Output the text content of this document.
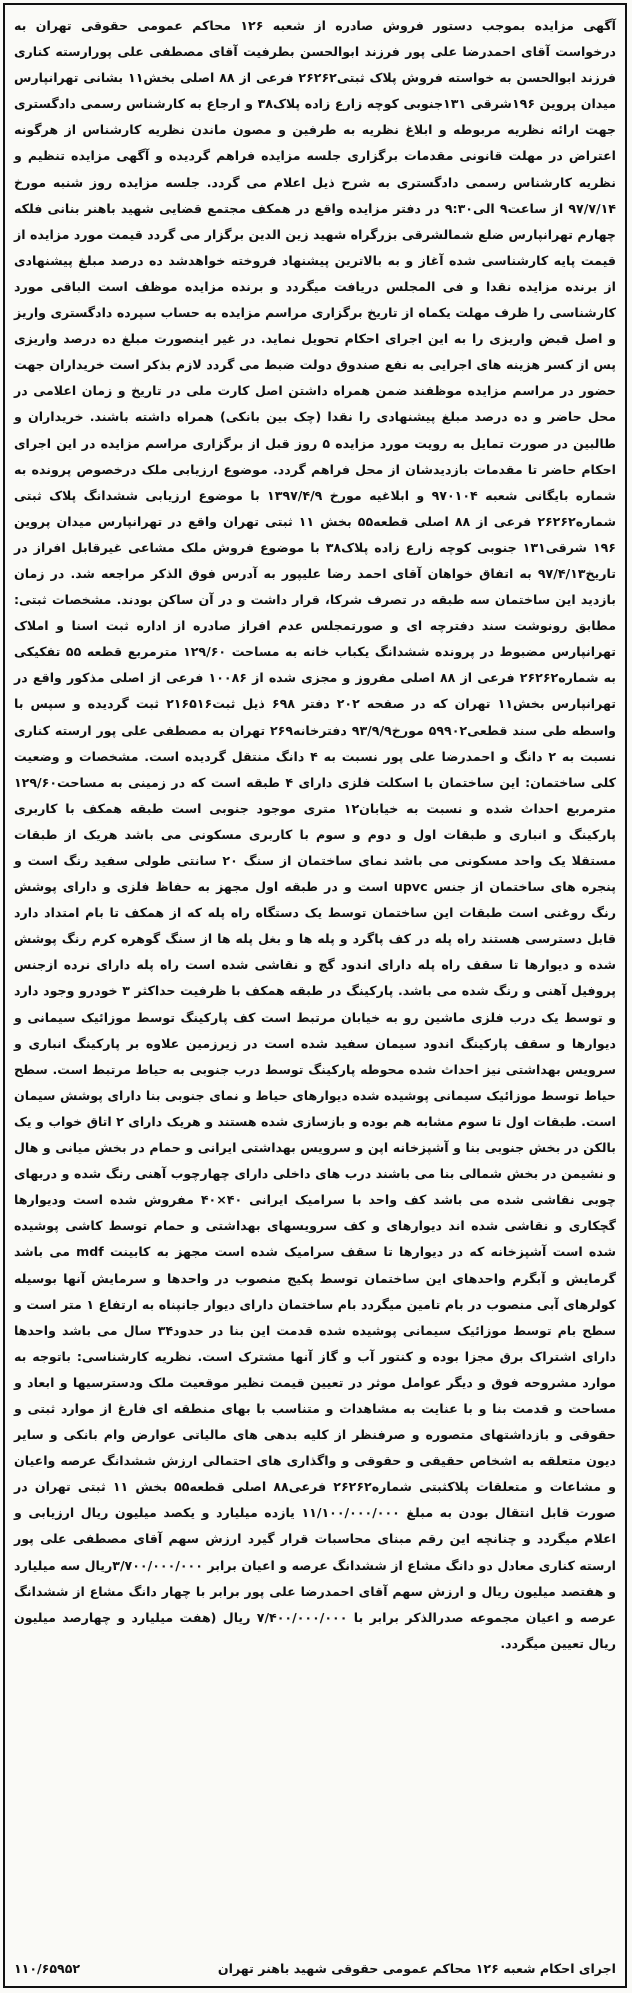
آگهی مزایده بموجب دستور فروش صادره از شعبه ۱۲۶ محاکم عمومی حقوقی تهران به درخواست آقای احمدرضا علی پور فرزند ابوالحسن بطرفیت آقای مصطفی علی پورارسته کناری فرزند ابوالحسن به خواسته فروش پلاک ثبتی۲۶۲۶۲ فرعی از ۸۸ اصلی بخش۱۱ بشانی تهرانپارس میدان پروین ۱۹۶شرقی ۱۳۱جنوبی کوچه زارع زاده پلاک۳۸ و ارجاع به کارشناس رسمی دادگستری جهت ارائه نظریه مربوطه و ابلاغ نظریه به طرفین و مصون ماندن نظریه کارشناس از هرگونه اعتراض در مهلت قانونی مقدمات برگزاری جلسه مزایده فراهم گردیده و آگهی مزایده تنظیم و نظریه کارشناس رسمی دادگستری به شرح ذیل اعلام می گردد. جلسه مزایده روز شنبه مورخ ۹۷/۷/۱۴ از ساعت۹ الی۹:۳۰ در دفتر مزایده واقع در همکف مجتمع قضایی شهید باهنر بنانی فلکه چهارم تهرانپارس ضلع شمالشرقی بزرگراه شهید زین الدین برگزار می گردد قیمت مورد مزایده از قیمت پایه کارشناسی شده آغاز و به بالاترین پیشنهاد فروخته خواهدشد ده درصد مبلغ پیشنهادی از برنده مزایده نقدا و فی المجلس دریافت میگردد و برنده مزایده موظف است الباقی مورد کارشناسی را ظرف مهلت یکماه از تاریخ برگزاری مراسم مزایده به حساب سپرده دادگستری واریز و اصل قبض واریزی را به این اجرای احکام تحویل نماید. در غیر اینصورت مبلغ ده درصد واریزی پس از کسر هزینه های اجرایی به نفع صندوق دولت ضبط می گردد لازم بذکر است خریداران جهت حضور در مراسم مزایده موظفند ضمن همراه داشتن اصل کارت ملی در تاریخ و زمان اعلامی در محل حاضر و ده درصد مبلغ پیشنهادی را نقدا (چک بین بانکی) همراه داشته باشند. خریداران و طالبین در صورت تمایل به رویت مورد مزایده ۵ روز قبل از برگزاری مراسم مزایده در این اجرای احکام حاضر تا مقدمات بازدیدشان از محل فراهم گردد. موضوع ارزیابی ملک درخصوص پرونده به شماره بایگانی شعبه ۹۷۰۱۰۴ و ابلاغیه مورخ ۱۳۹۷/۴/۹ با موضوع ارزیابی ششدانگ پلاک ثبتی شماره۲۶۲۶۲ فرعی از ۸۸ اصلی قطعه۵۵ بخش ۱۱ ثبتی تهران واقع در تهرانپارس میدان پروین ۱۹۶ شرقی۱۳۱ جنوبی کوچه زارع زاده پلاک۳۸ با موضوع فروش ملک مشاعی غیرقابل افراز در تاریخ۹۷/۴/۱۳ به اتفاق خواهان آقای احمد رضا علیپور به آدرس فوق الذکر مراجعه شد. در زمان بازدید این ساختمان سه طبقه در تصرف شرکا، قرار داشت و در آن ساکن بودند. مشخصات ثبتی: مطابق رونوشت سند دفترچه ای و صورتمجلس عدم افراز صادره از اداره ثبت اسنا و املاک تهرانپارس مضبوط در پرونده ششدانگ یکباب خانه به مساحت ۱۲۹/۶۰ مترمربع قطعه ۵۵ تفکیکی به شماره۲۶۲۶۲ فرعی از ۸۸ اصلی مفروز و مجزی شده از ۱۰۰۸۶ فرعی از اصلی مذکور واقع در تهرانپارس بخش۱۱ تهران که در صفحه ۲۰۲ دفتر ۶۹۸ ذیل ثبت۲۱۶۵۱۶ ثبت گردیده و سپس با واسطه طی سند قطعی۵۹۹۰۲ مورخ۹۳/۹/۹ دفترخانه۲۶۹ تهران به مصطفی علی پور ارسته کناری نسبت به ۲ دانگ و احمدرضا علی پور نسبت به ۴ دانگ منتقل گردیده است. مشخصات و وضعیت کلی ساختمان: این ساختمان با اسکلت فلزی دارای ۴ طبقه است که در زمینی به مساحت۱۲۹/۶۰ مترمربع احداث شده و نسبت به خیابان۱۲ متری موجود جنوبی است طبقه همکف با کاربری پارکینگ و انباری و طبقات اول و دوم و سوم با کاربری مسکونی می باشد هریک از طبقات مستقلا یک واحد مسکونی می باشد نمای ساختمان از سنگ ۲۰ سانتی طولی سفید رنگ است و پنجره های ساختمان از جنس upvc است و در طبقه اول مجهز به حفاظ فلزی و دارای پوشش رنگ روغنی است طبقات این ساختمان توسط یک دستگاه راه پله که از همکف تا بام امتداد دارد قابل دسترسی هستند راه پله در کف پاگرد و پله ها و بغل پله ها از سنگ گوهره کرم رنگ پوشش شده و دیوارها تا سقف راه پله دارای اندود گچ و نقاشی شده است راه پله دارای نرده ازجنس پروفیل آهنی و رنگ شده می باشد. پارکینگ در طبقه همکف با ظرفیت حداکثر ۳ خودرو وجود دارد و توسط یک درب فلزی ماشین رو به خیابان مرتبط است کف پارکینگ توسط موزائیک سیمانی و دیوارها و سقف پارکینگ اندود سیمان سفید شده است در زیرزمین علاوه بر پارکینگ انباری و سرویس بهداشتی نیز احداث شده محوطه پارکینگ توسط درب جنوبی به حیاط مرتبط است. سطح حیاط توسط موزائیک سیمانی پوشیده شده دیوارهای حیاط و نمای جنوبی بنا دارای پوشش سیمان است. طبقات اول تا سوم مشابه هم بوده و بازسازی شده هستند و هریک دارای ۲ اتاق خواب و یک بالکن در بخش جنوبی بنا و آشپزخانه اپن و سرویس بهداشتی ایرانی و حمام در بخش میانی و هال و نشیمن در بخش شمالی بنا می باشند درب های داخلی دارای چهارچوب آهنی رنگ شده و دربهای چوبی نقاشی شده می باشد کف واحد با سرامیک ایرانی ۴۰×۴۰ مفروش شده است ودیوارها گچکاری و نقاشی شده اند دیوارهای و کف سرویسهای بهداشتی و حمام توسط کاشی پوشیده شده است آشپزخانه که در دیوارها تا سقف سرامیک شده است مجهز به کابینت mdf می باشد گرمایش و آبگرم واحدهای این ساختمان توسط پکیج منصوب در واحدها و سرمایش آنها بوسیله کولرهای آبی منصوب در بام تامین میگردد بام ساختمان دارای دیوار جانپناه به ارتفاع ۱ متر است و سطح بام توسط موزائیک سیمانی پوشیده شده قدمت این بنا در حدود۳۴ سال می باشد واحدها دارای اشتراک برق مجزا بوده و کنتور آب و گاز آنها مشترک است. نظریه کارشناسی: باتوجه به موارد مشروحه فوق و دیگر عوامل موثر در تعیین قیمت نظیر موقعیت ملک ودسترسیها و ابعاد و مساحت و قدمت بنا و با عنایت به مشاهدات و متناسب با بهای منطقه ای فارغ از موارد ثبتی و حقوقی و بازداشتهای متصوره و صرفنظر از کلیه بدهی های مالیاتی عوارض وام بانکی و سایر دیون متعلقه به اشخاص حقیقی و حقوقی و واگذاری های احتمالی ارزش ششدانگ عرصه واعیان و مشاعات و متعلقات پلاکثبتی شماره۲۶۲۶۲ فرعی۸۸ اصلی قطعه۵۵ بخش ۱۱ ثبتی تهران در صورت قابل انتقال بودن به مبلغ ۱۱/۱۰۰/۰۰۰/۰۰۰ یازده میلیارد و یکصد میلیون ریال ارزیابی و اعلام میگردد و چنانچه این رقم مبنای محاسبات قرار گیرد ارزش سهم آقای مصطفی علی پور ارسته کناری معادل دو دانگ مشاع از ششدانگ عرصه و اعیان برابر ۳/۷۰۰/۰۰۰/۰۰۰ریال سه میلیارد و هفتصد میلیون ریال و ارزش سهم آقای احمدرضا علی پور برابر با چهار دانگ مشاع از ششدانگ عرصه و اعیان مجموعه صدرالذکر برابر با ۷/۴۰۰/۰۰۰/۰۰۰ ریال (هفت میلیارد و چهارصد میلیون ریال تعیین میگردد.

اجرای احکام شعبه ۱۲۶ محاکم عمومی حقوقی شهید باهنر تهران
۱۱۰/۶۵۹۵۲
